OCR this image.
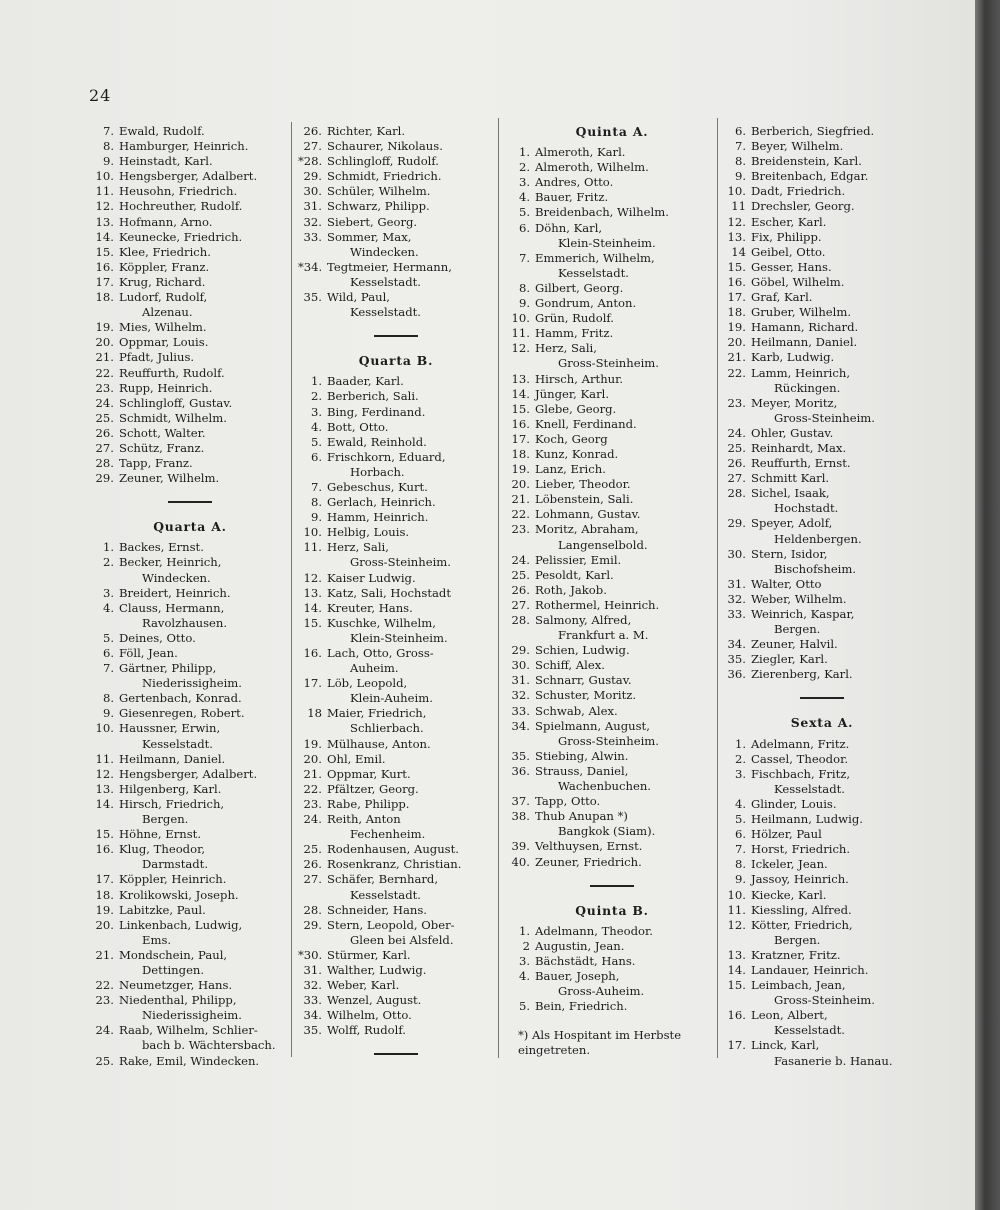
24
7. Ewald, Rudolf.
8. Hamburger, Heinrich.
9. Heinstadt, Karl.
10. Hengsberger, Adalbert.
11. Heusohn, Friedrich.
12. Hochreuther, Rudolf.
13. Hofmann, Arno.
14. Keunecke, Friedrich.
15. Klee, Friedrich.
16. Köppler, Franz.
17. Krug, Richard.
18. Ludorf, Rudolf,
Alzenau.
19. Mies, Wilhelm.
20. Oppmar, Louis.
21. Pfadt, Julius.
22. Reuffurth, Rudolf.
23. Rupp, Heinrich.
24. Schlingloff, Gustav.
25. Schmidt, Wilhelm.
26. Schott, Walter.
27. Schütz, Franz.
28. Tapp, Franz.
29. Zeuner, Wilhelm.
Quarta A.
1. Backes, Ernst.
2. Becker, Heinrich,
Windecken.
3. Breidert, Heinrich.
4. Clauss, Hermann,
Ravolzhausen.
5. Deines, Otto.
6. Föll, Jean.
7. Gärtner, Philipp,
Niederissigheim.
8. Gertenbach, Konrad.
9. Giesenregen, Robert.
10. Haussner, Erwin,
Kesselstadt.
11. Heilmann, Daniel.
12. Hengsberger, Adalbert.
13. Hilgenberg, Karl.
14. Hirsch, Friedrich,
Bergen.
15. Höhne, Ernst.
16. Klug, Theodor,
Darmstadt.
17. Köppler, Heinrich.
18. Krolikowski, Joseph.
19. Labitzke, Paul.
20. Linkenbach, Ludwig,
Ems.
21. Mondschein, Paul,
Dettingen.
22. Neumetzger, Hans.
23. Niedenthal, Philipp,
Niederissigheim.
24. Raab, Wilhelm, Schlier-
bach b. Wächtersbach.
25. Rake, Emil, Windecken.
26. Richter, Karl.
27. Schaurer, Nikolaus.
*28. Schlingloff, Rudolf.
29. Schmidt, Friedrich.
30. Schüler, Wilhelm.
31. Schwarz, Philipp.
32. Siebert, Georg.
33. Sommer, Max,
Windecken.
*34. Tegtmeier, Hermann,
Kesselstadt.
35. Wild, Paul,
Kesselstadt.
Quarta B.
1. Baader, Karl.
2. Berberich, Sali.
3. Bing, Ferdinand.
4. Bott, Otto.
5. Ewald, Reinhold.
6. Frischkorn, Eduard,
Horbach.
7. Gebeschus, Kurt.
8. Gerlach, Heinrich.
9. Hamm, Heinrich.
10. Helbig, Louis.
11. Herz, Sali,
Gross-Steinheim.
12. Kaiser Ludwig.
13. Katz, Sali, Hochstadt
14. Kreuter, Hans.
15. Kuschke, Wilhelm,
Klein-Steinheim.
16. Lach, Otto, Gross-
Auheim.
17. Löb, Leopold,
Klein-Auheim.
18 Maier, Friedrich,
Schlierbach.
19. Mülhause, Anton.
20. Ohl, Emil.
21. Oppmar, Kurt.
22. Pfältzer, Georg.
23. Rabe, Philipp.
24. Reith, Anton
Fechenheim.
25. Rodenhausen, August.
26. Rosenkranz, Christian.
27. Schäfer, Bernhard,
Kesselstadt.
28. Schneider, Hans.
29. Stern, Leopold, Ober-
Gleen bei Alsfeld.
*30. Stürmer, Karl.
31. Walther, Ludwig.
32. Weber, Karl.
33. Wenzel, August.
34. Wilhelm, Otto.
35. Wolff, Rudolf.
Quinta A.
1. Almeroth, Karl.
2. Almeroth, Wilhelm.
3. Andres, Otto.
4. Bauer, Fritz.
5. Breidenbach, Wilhelm.
6. Döhn, Karl,
Klein-Steinheim.
7. Emmerich, Wilhelm,
Kesselstadt.
8. Gilbert, Georg.
9. Gondrum, Anton.
10. Grün, Rudolf.
11. Hamm, Fritz.
12. Herz, Sali,
Gross-Steinheim.
13. Hirsch, Arthur.
14. Jünger, Karl.
15. Glebe, Georg.
16. Knell, Ferdinand.
17. Koch, Georg
18. Kunz, Konrad.
19. Lanz, Erich.
20. Lieber, Theodor.
21. Löbenstein, Sali.
22. Lohmann, Gustav.
23. Moritz, Abraham,
Langenselbold.
24. Pelissier, Emil.
25. Pesoldt, Karl.
26. Roth, Jakob.
27. Rothermel, Heinrich.
28. Salmony, Alfred,
Frankfurt a. M.
29. Schien, Ludwig.
30. Schiff, Alex.
31. Schnarr, Gustav.
32. Schuster, Moritz.
33. Schwab, Alex.
34. Spielmann, August,
Gross-Steinheim.
35. Stiebing, Alwin.
36. Strauss, Daniel,
Wachenbuchen.
37. Tapp, Otto.
38. Thub Anupan *)
Bangkok (Siam).
39. Velthuysen, Ernst.
40. Zeuner, Friedrich.
Quinta B.
1. Adelmann, Theodor.
2 Augustin, Jean.
3. Bächstädt, Hans.
4. Bauer, Joseph,
Gross-Auheim.
5. Bein, Friedrich.
*) Als Hospitant im Herbste
eingetreten.
6. Berberich, Siegfried.
7. Beyer, Wilhelm.
8. Breidenstein, Karl.
9. Breitenbach, Edgar.
10. Dadt, Friedrich.
11 Drechsler, Georg.
12. Escher, Karl.
13. Fix, Philipp.
14 Geibel, Otto.
15. Gesser, Hans.
16. Göbel, Wilhelm.
17. Graf, Karl.
18. Gruber, Wilhelm.
19. Hamann, Richard.
20. Heilmann, Daniel.
21. Karb, Ludwig.
22. Lamm, Heinrich,
Rückingen.
23. Meyer, Moritz,
Gross-Steinheim.
24. Ohler, Gustav.
25. Reinhardt, Max.
26. Reuffurth, Ernst.
27. Schmitt Karl.
28. Sichel, Isaak,
Hochstadt.
29. Speyer, Adolf,
Heldenbergen.
30. Stern, Isidor,
Bischofsheim.
31. Walter, Otto
32. Weber, Wilhelm.
33. Weinrich, Kaspar,
Bergen.
34. Zeuner, Halvil.
35. Ziegler, Karl.
36. Zierenberg, Karl.
Sexta A.
1. Adelmann, Fritz.
2. Cassel, Theodor.
3. Fischbach, Fritz,
Kesselstadt.
4. Glinder, Louis.
5. Heilmann, Ludwig.
6. Hölzer, Paul
7. Horst, Friedrich.
8. Ickeler, Jean.
9. Jassoy, Heinrich.
10. Kiecke, Karl.
11. Kiessling, Alfred.
12. Kötter, Friedrich,
Bergen.
13. Kratzner, Fritz.
14. Landauer, Heinrich.
15. Leimbach, Jean,
Gross-Steinheim.
16. Leon, Albert,
Kesselstadt.
17. Linck, Karl,
Fasanerie b. Hanau.
